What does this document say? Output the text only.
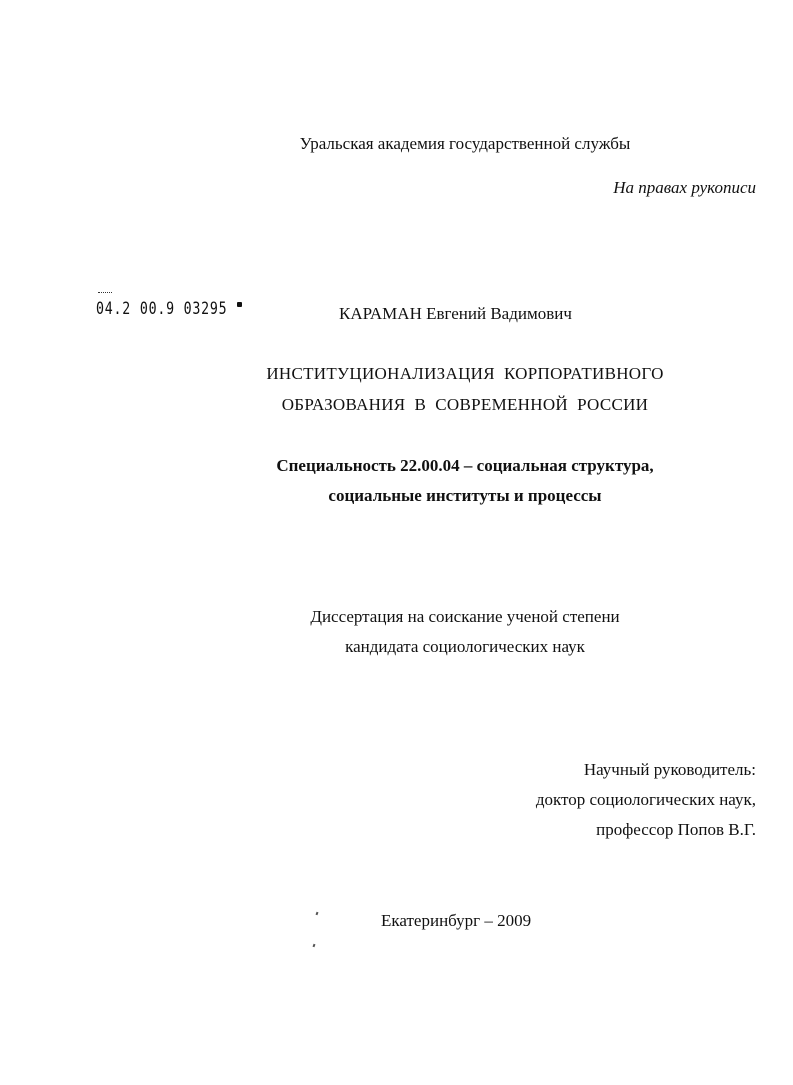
Уральская академия государственной службы
На правах рукописи
04.2 00.9 03295	КАРАМАН Евгений Вадимович
ИНСТИТУЦИОНАЛИЗАЦИЯ  КОРПОРАТИВНОГО
ОБРАЗОВАНИЯ  В  СОВРЕМЕННОЙ  РОССИИ
Специальность 22.00.04 – социальная структура,
социальные институты и процессы
Диссертация на соискание ученой степени
кандидата социологических наук
Научный руководитель:
доктор социологических наук,
профессор Попов В.Г.
Екатеринбург – 2009
